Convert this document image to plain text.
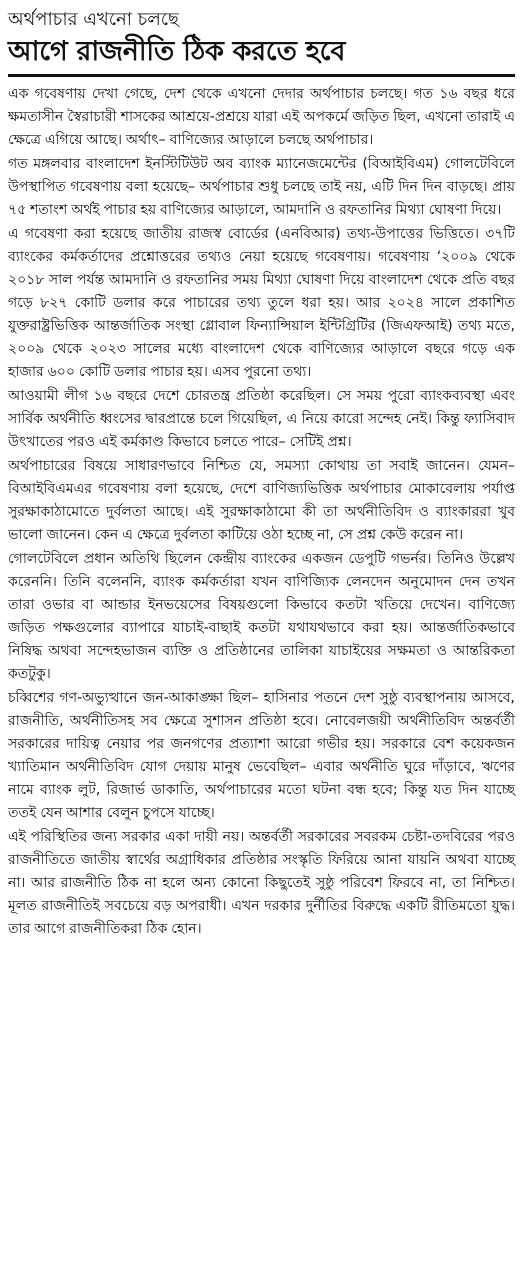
অর্থপাচার এখনো চলছে
আগে রাজনীতি ঠিক করতে হবে

এক গবেষণায় দেখা গেছে, দেশ থেকে এখনো দেদার অর্থপাচার চলছে। গত ১৬ বছর ধরে ক্ষমতাসীন স্বৈরাচারী শাসকের আশ্রয়ে-প্রশ্রয়ে যারা এই অপকর্মে জড়িত ছিল, এখনো তারাই এ ক্ষেত্রে এগিয়ে আছে। অর্থাৎ– বাণিজ্যের আড়ালে চলছে অর্থপাচার।

গত মঙ্গলবার বাংলাদেশ ইনস্টিটিউট অব ব্যাংক ম্যানেজমেন্টের (বিআইবিএম) গোলটেবিলে উপস্থাপিত গবেষণায় বলা হয়েছে– অর্থপাচার শুধু চলছে তাই নয়, এটি দিন দিন বাড়ছে। প্রায় ৭৫ শতাংশ অর্থই পাচার হয় বাণিজ্যের আড়ালে, আমদানি ও রফতানির মিথ্যা ঘোষণা দিয়ে।

এ গবেষণা করা হয়েছে জাতীয় রাজস্ব বোর্ডের (এনবিআর) তথ্য-উপাত্তের ভিত্তিতে। ৩৭টি ব্যাংকের কর্মকর্তাদের প্রশ্নোত্তরের তথ্যও নেয়া হয়েছে গবেষণায়। গবেষণায় ‘২০০৯ থেকে ২০১৮ সাল পর্যন্ত আমদানি ও রফতানির সময় মিথ্যা ঘোষণা দিয়ে বাংলাদেশ থেকে প্রতি বছর গড়ে ৮২৭ কোটি ডলার করে পাচারের তথ্য তুলে ধরা হয়। আর ২০২৪ সালে প্রকাশিত যুক্তরাষ্ট্রভিত্তিক আন্তর্জাতিক সংস্থা গ্লোবাল ফিন্যান্সিয়াল ইন্টিগ্রিটির (জিএফআই) তথ্য মতে, ২০০৯ থেকে ২০২৩ সালের মধ্যে বাংলাদেশ থেকে বাণিজ্যের আড়ালে বছরে গড়ে এক হাজার ৬০০ কোটি ডলার পাচার হয়। এসব পুরনো তথ্য।

আওয়ামী লীগ ১৬ বছরে দেশে চোরতন্ত্র প্রতিষ্ঠা করেছিল। সে সময় পুরো ব্যাংকব্যবস্থা এবং সার্বিক অর্থনীতি ধ্বংসের দ্বারপ্রান্তে চলে গিয়েছিল, এ নিয়ে কারো সন্দেহ নেই। কিন্তু ফ্যাসিবাদ উৎখাতের পরও এই কর্মকাণ্ড কিভাবে চলতে পারে– সেটিই প্রশ্ন।

অর্থপাচারের বিষয়ে সাধারণভাবে নিশ্চিত যে, সমস্যা কোথায় তা সবাই জানেন। যেমন– বিআইবিএমএর গবেষণায় বলা হয়েছে, দেশে বাণিজ্যভিত্তিক অর্থপাচার মোকাবেলায় পর্যাপ্ত সুরক্ষাকাঠামোতে দুর্বলতা আছে। এই সুরক্ষাকাঠামো কী তা অর্থনীতিবিদ ও ব্যাংকাররা খুব ভালো জানেন। কেন এ ক্ষেত্রে দুর্বলতা কাটিয়ে ওঠা হচ্ছে না, সে প্রশ্ন কেউ করেন না।

গোলটেবিলে প্রধান অতিথি ছিলেন কেন্দ্রীয় ব্যাংকের একজন ডেপুটি গভর্নর। তিনিও উল্লেখ করেননি। তিনি বলেননি, ব্যাংক কর্মকর্তারা যখন বাণিজ্যিক লেনদেন অনুমোদন দেন তখন তারা ওভার বা আন্ডার ইনভয়েসের বিষয়গুলো কিভাবে কতটা খতিয়ে দেখেন। বাণিজ্যে জড়িত পক্ষগুলোর ব্যাপারে যাচাই-বাছাই কতটা যথাযথভাবে করা হয়। আন্তর্জাতিকভাবে নিষিদ্ধ অথবা সন্দেহভাজন ব্যক্তি ও প্রতিষ্ঠানের তালিকা যাচাইয়ের সক্ষমতা ও আন্তরিকতা কতটুকু।

চব্বিশের গণ-অভ্যুত্থানে জন-আকাঙ্ক্ষা ছিল– হাসিনার পতনে দেশ সুষ্ঠু ব্যবস্থাপনায় আসবে, রাজনীতি, অর্থনীতিসহ সব ক্ষেত্রে সুশাসন প্রতিষ্ঠা হবে। নোবেলজয়ী অর্থনীতিবিদ অন্তর্বর্তী সরকারের দায়িত্ব নেয়ার পর জনগণের প্রত্যাশা আরো গভীর হয়। সরকারে বেশ কয়েকজন খ্যাতিমান অর্থনীতিবিদ যোগ দেয়ায় মানুষ ভেবেছিল– এবার অর্থনীতি ঘুরে দাঁড়াবে, ঋণের নামে ব্যাংক লুট, রিজার্ভ ডাকাতি, অর্থপাচারের মতো ঘটনা বন্ধ হবে; কিন্তু যত দিন যাচ্ছে ততই যেন আশার বেলুন চুপসে যাচ্ছে।

এই পরিস্থিতির জন্য সরকার একা দায়ী নয়। অন্তর্বর্তী সরকারের সবরকম চেষ্টা-তদবিরের পরও রাজনীতিতে জাতীয় স্বার্থের অগ্রাধিকার প্রতিষ্ঠার সংস্কৃতি ফিরিয়ে আনা যায়নি অথবা যাচ্ছে না। আর রাজনীতি ঠিক না হলে অন্য কোনো কিছুতেই সুষ্ঠু পরিবেশ ফিরবে না, তা নিশ্চিত। মূলত রাজনীতিই সবচেয়ে বড় অপরাধী। এখন দরকার দুর্নীতির বিরুদ্ধে একটি রীতিমতো যুদ্ধ। তার আগে রাজনীতিকরা ঠিক হোন।
